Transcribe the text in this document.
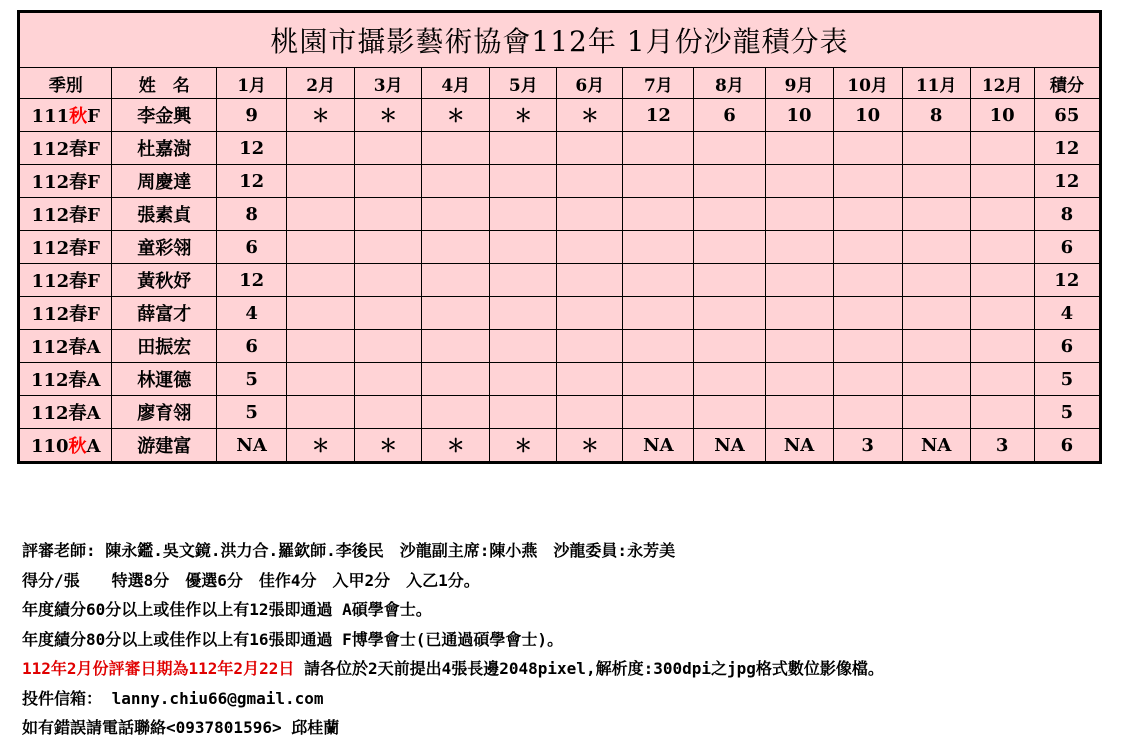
桃園市攝影藝術協會112年 1月份沙龍積分表														
季別	姓　名	1月	2月	3月	4月	5月	6月	7月	8月	9月	10月	11月	12月	積分
111秋F	李金興	9	＊	＊	＊	＊	＊	12	6	10	10	8	10	65
112春F	杜嘉澍	12												12
112春F	周慶達	12												12
112春F	張素貞	8												8
112春F	童彩翎	6												6
112春F	黃秋妤	12												12
112春F	薛富才	4												4
112春A	田振宏	6												6
112春A	林運德	5												5
112春A	廖育翎	5												5
110秋A	游建富	NA	＊	＊	＊	＊	＊	NA	NA	NA	3	NA	3	6
評審老師: 陳永鑑.吳文鏡.洪力合.羅欽師.李後民　沙龍副主席:陳小燕　沙龍委員:永芳美
得分/張　　特選8分　優選6分　佳作4分　入甲2分　入乙1分。
年度績分60分以上或佳作以上有12張即通過 A碩學會士。
年度績分80分以上或佳作以上有16張即通過 F博學會士(已通過碩學會士)。
112年2月份評審日期為112年2月22日 請各位於2天前提出4張長邊2048pixel,解析度:300dpi之jpg格式數位影像檔。
投件信箱： lanny.chiu66@gmail.com
如有錯誤請電話聯絡<0937801596> 邱桂蘭
